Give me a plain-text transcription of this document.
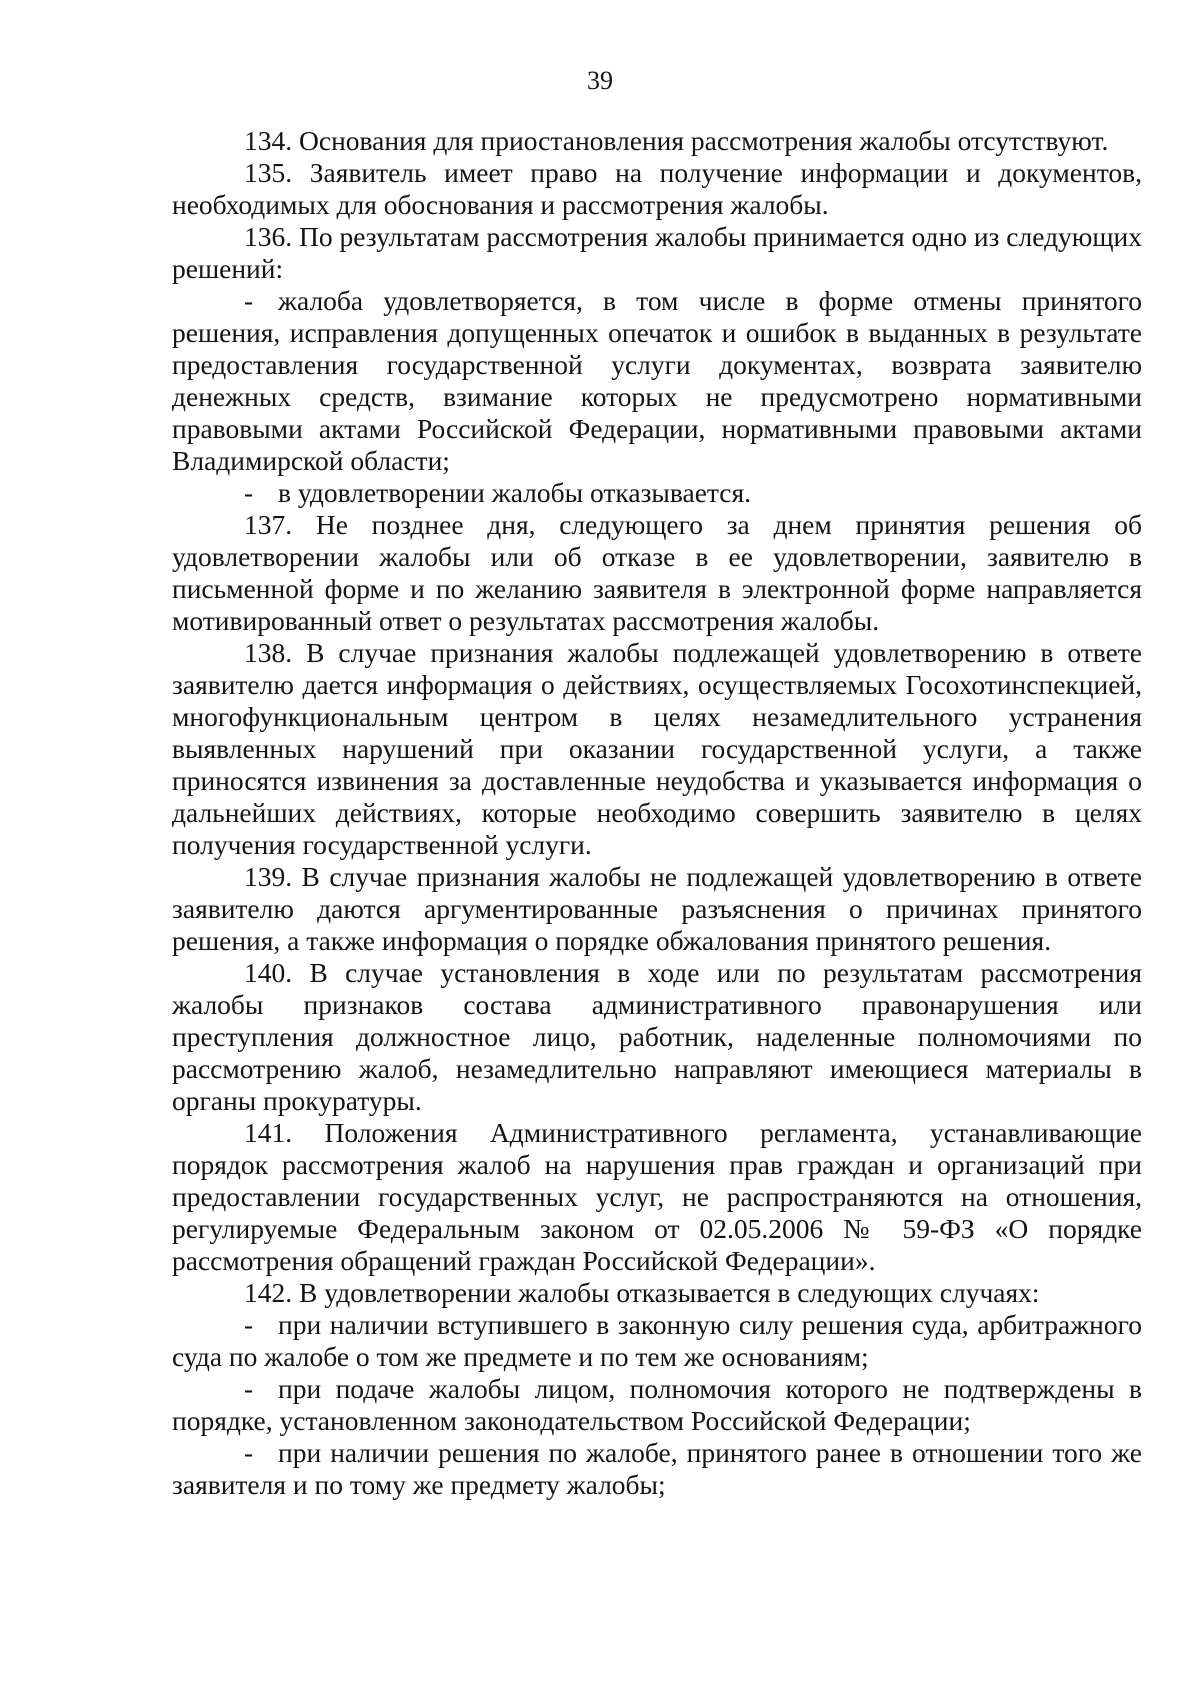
39

134. Основания для приостановления рассмотрения жалобы отсутствуют.

135. Заявитель имеет право на получение информации и документов, необходимых для обоснования и рассмотрения жалобы.

136. По результатам рассмотрения жалобы принимается одно из следующих решений:

- жалоба удовлетворяется, в том числе в форме отмены принятого решения, исправления допущенных опечаток и ошибок в выданных в результате предоставления государственной услуги документах, возврата заявителю денежных средств, взимание которых не предусмотрено нормативными правовыми актами Российской Федерации, нормативными правовыми актами Владимирской области;

- в удовлетворении жалобы отказывается.

137. Не позднее дня, следующего за днем принятия решения об удовлетворении жалобы или об отказе в ее удовлетворении, заявителю в письменной форме и по желанию заявителя в электронной форме направляется мотивированный ответ о результатах рассмотрения жалобы.

138. В случае признания жалобы подлежащей удовлетворению в ответе заявителю дается информация о действиях, осуществляемых Госохотинспекцией, многофункциональным центром в целях незамедлительного устранения выявленных нарушений при оказании государственной услуги, а также приносятся извинения за доставленные неудобства и указывается информация о дальнейших действиях, которые необходимо совершить заявителю в целях получения государственной услуги.

139. В случае признания жалобы не подлежащей удовлетворению в ответе заявителю даются аргументированные разъяснения о причинах принятого решения, а также информация о порядке обжалования принятого решения.

140. В случае установления в ходе или по результатам рассмотрения жалобы признаков состава административного правонарушения или преступления должностное лицо, работник, наделенные полномочиями по рассмотрению жалоб, незамедлительно направляют имеющиеся материалы в органы прокуратуры.

141. Положения Административного регламента, устанавливающие порядок рассмотрения жалоб на нарушения прав граждан и организаций при предоставлении государственных услуг, не распространяются на отношения, регулируемые Федеральным законом от 02.05.2006 № 59-ФЗ «О порядке рассмотрения обращений граждан Российской Федерации».

142. В удовлетворении жалобы отказывается в следующих случаях:

- при наличии вступившего в законную силу решения суда, арбитражного суда по жалобе о том же предмете и по тем же основаниям;

- при подаче жалобы лицом, полномочия которого не подтверждены в порядке, установленном законодательством Российской Федерации;

- при наличии решения по жалобе, принятого ранее в отношении того же заявителя и по тому же предмету жалобы;
